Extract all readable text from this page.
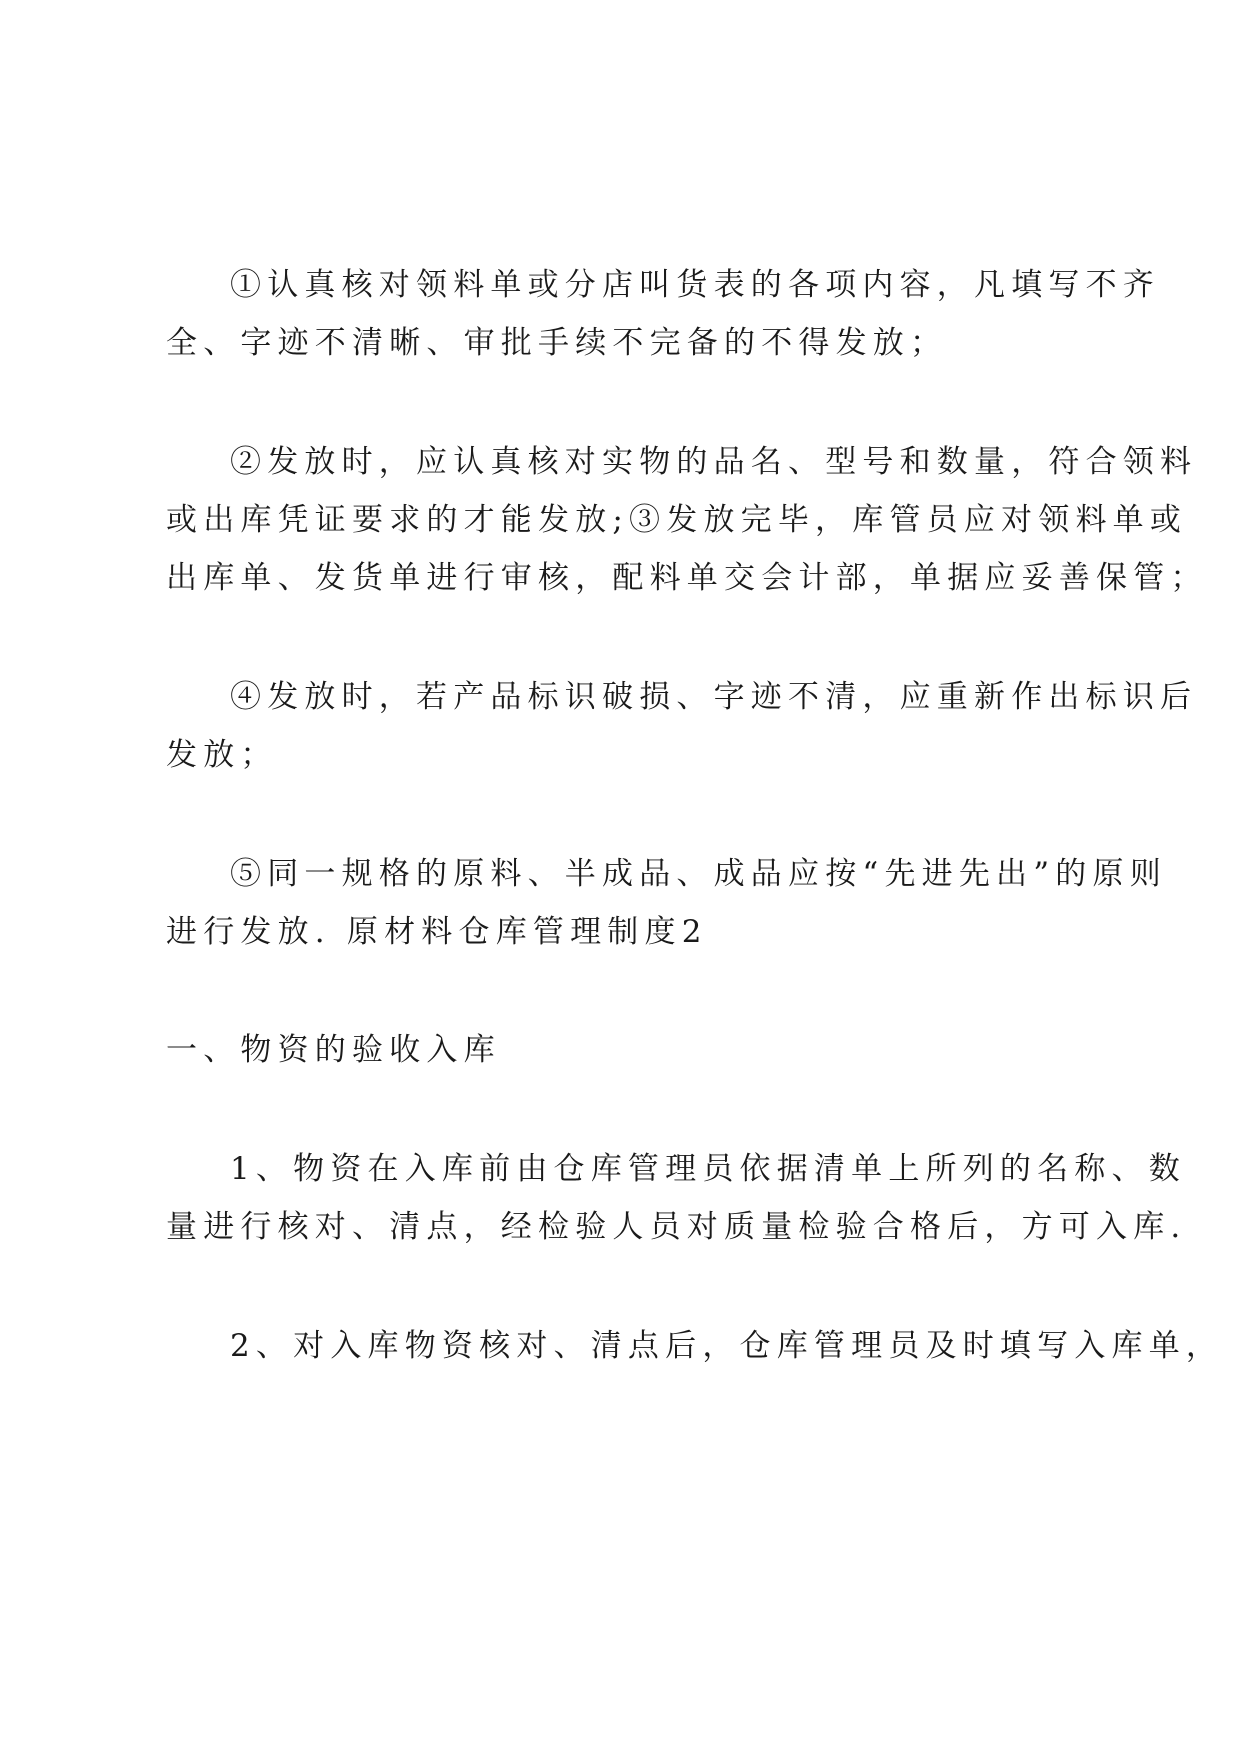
①认真核对领料单或分店叫货表的各项内容，凡填写不齐
全、字迹不清晰、审批手续不完备的不得发放；
②发放时，应认真核对实物的品名、型号和数量，符合领料
或出库凭证要求的才能发放;③发放完毕，库管员应对领料单或
出库单、发货单进行审核，配料单交会计部，单据应妥善保管；
④发放时，若产品标识破损、字迹不清，应重新作出标识后
发放；
⑤同一规格的原料、半成品、成品应按“先进先出”的原则
进行发放. 原材料仓库管理制度2
一、物资的验收入库
1、物资在入库前由仓库管理员依据清单上所列的名称、数
量进行核对、清点，经检验人员对质量检验合格后，方可入库.
2、对入库物资核对、清点后，仓库管理员及时填写入库单，
